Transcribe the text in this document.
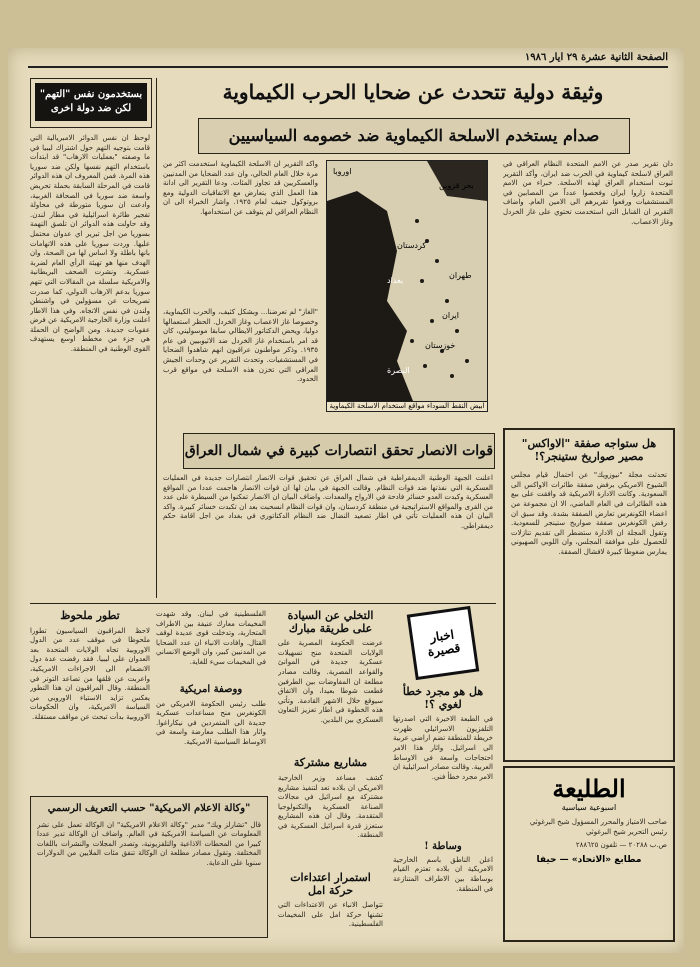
الصفحة الثانية عشرة ٢٩ ايار ١٩٨٦
بستخدمون نفس "التهم" لكن ضد دولة اخرى
لوحظ ان نفس الدوائر الامبريالية التي قامت بتوجيه التهم حول اشتراك ليبيا في ما وصفته "بعمليات الارهاب" قد ابتدأت باستخدام التهم نفسها ولكن ضد سوريا هذه المرة. فمن المعروف ان هذه الدوائر قامت في المرحلة السابقة بحملة تحريض واسعة ضد سوريا في الصحافة الغربية، وادعت ان سوريا متورطة في محاولة تفجير طائرة اسرائيلية في مطار لندن. وقد حاولت هذه الدوائر ان تلصق التهمة بسوريا من اجل تبرير اي عدوان محتمل عليها. وردت سوريا على هذه الاتهامات بانها باطلة ولا اساس لها من الصحة، وان الهدف منها هو تهيئة الرأي العام لضربة عسكرية. ونشرت الصحف البريطانية والامريكية سلسلة من المقالات التي تتهم سوريا بدعم الارهاب الدولي، كما صدرت تصريحات عن مسؤولين في واشنطن ولندن في نفس الاتجاه. وفي هذا الاطار اعلنت وزارة الخارجية الامريكية عن فرض عقوبات جديدة. ومن الواضح ان الحملة هي جزء من مخطط اوسع يستهدف القوى الوطنية في المنطقة.
وثيقة دولية تتحدث عن ضحايا الحرب الكيماوية
صدام يستخدم الاسلحة الكيماوية ضد خصومه السياسيين
دان تقرير صدر عن الامم المتحدة النظام العراقي في العراق لاسلحة كيماوية في الحرب ضد ايران، وأكد التقرير ثبوت استخدام العراق لهذه الاسلحة. خبراء من الامم المتحدة زاروا ايران وفحصوا عدداً من المصابين في المستشفيات ورفعوا تقريرهم الى الامين العام. واضاف التقرير ان القنابل التي استخدمت تحتوي على غاز الخردل وغاز الاعصاب.
اوروبا
بحر قزوين
كردستان
بغداد
طهران
ايران
خوزستان
البصرة
ابيض النقط السوداء مواقع استخدام الاسلحة الكيماوية
واكد التقرير ان الاسلحة الكيماوية استخدمت اكثر من مرة خلال العام الحالي، وان عدد الضحايا من المدنيين والعسكريين قد تجاوز المئات. ودعا التقرير الى ادانة هذا العمل الذي يتعارض مع الاتفاقيات الدولية ومع بروتوكول جنيف لعام ١٩٢٥. واشار الخبراء الى ان النظام العراقي لم يتوقف عن استخدامها.
"الغاز" لم تعرضنا... وبشكل كثيف، والحرب الكيماوية، وخصوصا غاز الاعصاب وغاز الخردل. الحظر استعمالها دوليا، ويحض الدكتاتور الايطالي سابقا موسوليني، كان قد امر باستخدام غاز الخردل ضد الاثيوبيين في عام ١٩٣٥. وذكر مواطنون عراقيون انهم شاهدوا الضحايا في المستشفيات. وتحدث التقرير عن وحدات الجيش العراقي التي تخزن هذه الاسلحة في مواقع قرب الحدود.
هل ستواجه صفقة "الاواكس" مصير صواريخ ستينجر؟!
تحدثت مجلة "نيوزويك" عن احتمال قيام مجلس الشيوخ الامريكي برفض صفقة طائرات الاواكس الى السعودية. وكانت الادارة الامريكية قد وافقت على بيع هذه الطائرات في العام الماضي، الا ان مجموعة من اعضاء الكونغرس تعارض الصفقة بشدة. وقد سبق ان رفض الكونغرس صفقة صواريخ ستينجر للسعودية. وتقول المجلة ان الادارة ستضطر الى تقديم تنازلات للحصول على موافقة المجلس، وان اللوبي الصهيوني يمارس ضغوطا كبيرة لافشال الصفقة.
قوات الانصار تحقق انتصارات كبيرة في شمال العراق
اعلنت الجبهة الوطنية الديمقراطية في شمال العراق عن تحقيق قوات الانصار انتصارات جديدة في العمليات العسكرية التي نفذتها ضد قوات النظام. وقالت الجبهة في بيان لها ان قوات الانصار هاجمت عددا من المواقع العسكرية وكبدت العدو خسائر فادحة في الارواح والمعدات. واضاف البيان ان الانصار تمكنوا من السيطرة على عدد من القرى والمواقع الاستراتيجية في منطقة كردستان، وان قوات النظام انسحبت بعد ان تكبدت خسائر كبيرة. واكد البيان ان هذه العمليات تأتي في اطار تصعيد النضال ضد النظام الدكتاتوري في بغداد من اجل اقامة حكم ديمقراطي.
تطور ملحوظ
لاحظ المراقبون السياسيون تطورا ملحوظا في موقف عدد من الدول الاوروبية تجاه الولايات المتحدة بعد العدوان على ليبيا. فقد رفضت عدة دول الانضمام الى الاجراءات الامريكية، واعربت عن قلقها من تصاعد التوتر في المنطقة. وقال المراقبون ان هذا التطور يعكس تزايد الاستياء الاوروبي من السياسة الامريكية، وان الحكومات الاوروبية بدأت تبحث عن مواقف مستقلة.
الفلسطينية في لبنان. وقد شهدت المخيمات معارك عنيفة بين الاطراف المتحاربة، وتدخلت قوى عديدة لوقف القتال. وافادت الانباء ان عدد الضحايا من المدنيين كبير، وان الوضع الانساني في المخيمات سيء للغاية.
ووصفة امريكية
طلب رئيس الحكومة الامريكي من الكونغرس منح مساعدات عسكرية جديدة الى المتمردين في نيكاراغوا. واثار هذا الطلب معارضة واسعة في الاوساط السياسية الامريكية.
التخلي عن السيادة على طريقة مبارك
عرضت الحكومة المصرية على الولايات المتحدة منح تسهيلات عسكرية جديدة في الموانئ والقواعد المصرية. وقالت مصادر مطلعة ان المفاوضات بين الطرفين قطعت شوطا بعيدا، وان الاتفاق سيوقع خلال الاشهر القادمة. وتأتي هذه الخطوة في اطار تعزيز التعاون العسكري بين البلدين.
مشاريع مشتركة
كشف مساعد وزير الخارجية الامريكي ان بلاده تعد لتنفيذ مشاريع مشتركة مع اسرائيل في مجالات الصناعة العسكرية والتكنولوجيا المتقدمة. وقال ان هذه المشاريع ستعزز قدرة اسرائيل العسكرية في المنطقة.
استمرار اعتداءات حركة امل
تتواصل الانباء عن الاعتداءات التي تشنها حركة امل على المخيمات الفلسطينية.
اخبار
قصيرة
هل هو مجرد خطأ لغوي ؟!
في الطبعة الاخيرة التي اصدرتها التلفزيون الاسرائيلي ظهرت خريطة للمنطقة تضم اراضي عربية الى اسرائيل. واثار هذا الامر احتجاجات واسعة في الاوساط العربية. وقالت مصادر اسرائيلية ان الامر مجرد خطأ فني.
وساطة !
اعلن الناطق باسم الخارجية الامريكية ان بلاده تعتزم القيام بوساطة بين الاطراف المتنازعة في المنطقة.
"وكالة الاعلام الامريكية" حسب التعريف الرسمي
قال "تشارلز ويك" مدير "وكالة الاعلام الامريكية" ان الوكالة تعمل على نشر المعلومات عن السياسة الامريكية في العالم. واضاف ان الوكالة تدير عددا كبيرا من المحطات الاذاعية والتلفزيونية، وتصدر المجلات والنشرات باللغات المختلفة. وتقول مصادر مطلعة ان الوكالة تنفق مئات الملايين من الدولارات سنويا على الدعاية.
الطليعة
اسبوعية سياسية
صاحب الامتياز والمحرر المسؤول شيخ البرغوثي
رئيس التحرير شيخ البرغوثي
ص.ب ٢٠٢٨٨ — تلفون ٢٨٨٦٢٥
مطابع «الاتحاد» — حيفا
